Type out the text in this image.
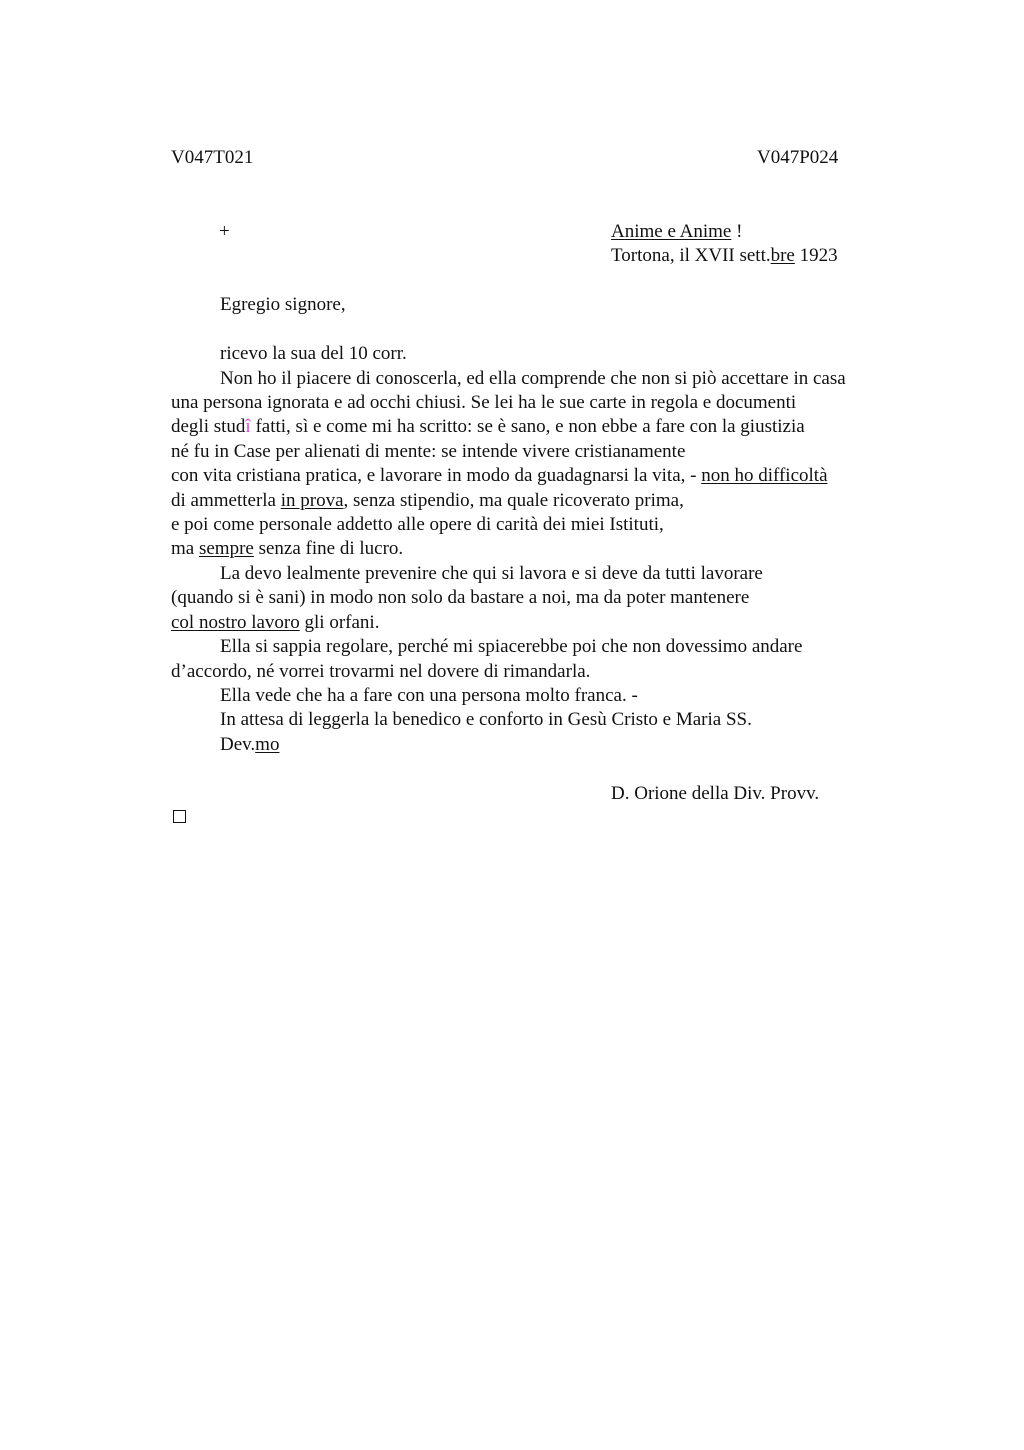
V047T021	V047P024
+	Anime e Anime !
Tortona, il XVII sett.bre 1923
Egregio signore,
ricevo la sua del 10 corr.
Non ho il piacere di conoscerla, ed ella comprende che non si piò accettare in casa
una persona ignorata e ad occhi chiusi. Se lei ha le sue carte in regola e documenti
degli studî fatti, sì e come mi ha scritto: se è sano, e non ebbe a fare con la giustizia
né fu in Case per alienati di mente: se intende vivere cristianamente
con vita cristiana pratica, e lavorare in modo da guadagnarsi la vita, - non ho difficoltà
di ammetterla in prova, senza stipendio, ma quale ricoverato prima,
e poi come personale addetto alle opere di carità dei miei Istituti,
ma sempre senza fine di lucro.
La devo lealmente prevenire che qui si lavora e si deve da tutti lavorare
(quando si è sani) in modo non solo da bastare a noi, ma da poter mantenere
col nostro lavoro gli orfani.
Ella si sappia regolare, perché mi spiacerebbe poi che non dovessimo andare
d’accordo, né vorrei trovarmi nel dovere di rimandarla.
Ella vede che ha a fare con una persona molto franca. -
In attesa di leggerla la benedico e conforto in Gesù Cristo e Maria SS.
Dev.mo
D. Orione della Div. Provv.
